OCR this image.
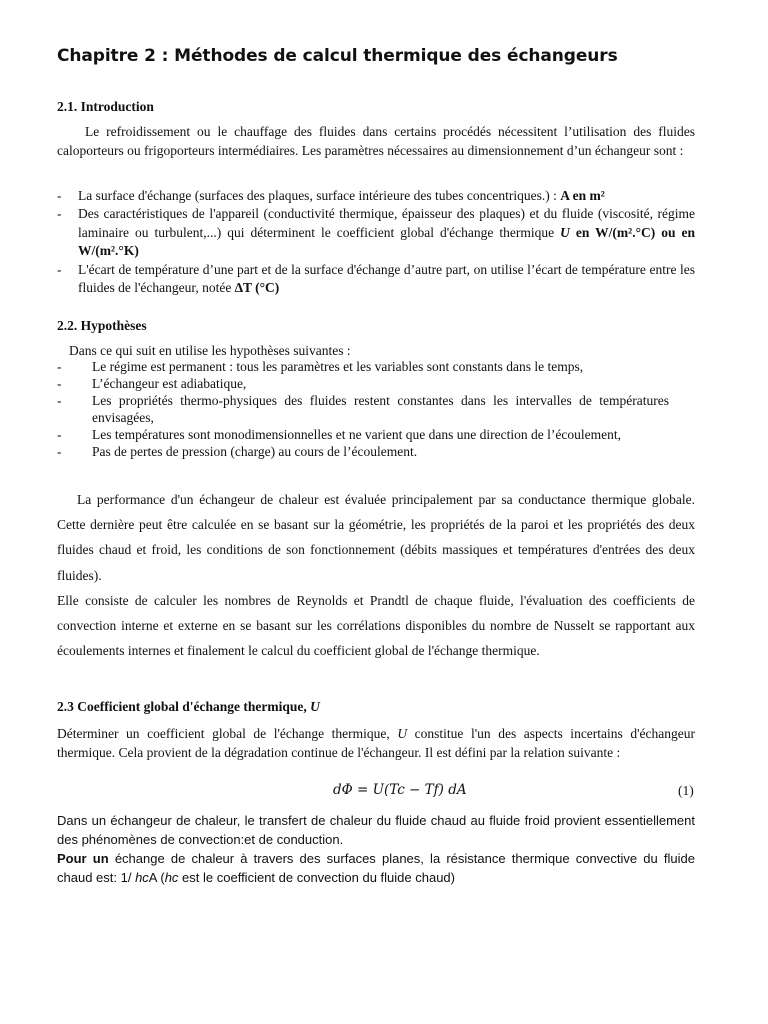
Chapitre 2 : Méthodes de calcul thermique des échangeurs
2.1. Introduction
Le refroidissement ou le chauffage des fluides dans certains procédés nécessitent l’utilisation des fluides caloporteurs ou frigoporteurs intermédiaires. Les paramètres nécessaires au dimensionnement d’un échangeur sont :
- La surface d'échange (surfaces des plaques, surface intérieure des tubes concentriques.) : A en m²
- Des caractéristiques de l'appareil (conductivité thermique, épaisseur des plaques) et du fluide (viscosité, régime laminaire ou turbulent,...) qui déterminent le coefficient global d'échange thermique U en W/(m².°C) ou en W/(m².°K)
- L'écart de température d’une part et de la surface d'échange d’autre part, on utilise l’écart de température entre les fluides de l'échangeur, notée ∆T (°C)
2.2. Hypothèses
Dans ce qui suit en utilise les hypothèses suivantes :
- Le régime est permanent : tous les paramètres et les variables sont constants dans le temps,
- L’échangeur est adiabatique,
- Les propriétés thermo-physiques des fluides restent constantes dans les intervalles de températures envisagées,
- Les températures sont monodimensionnelles et ne varient que dans une direction de l’écoulement,
- Pas de pertes de pression (charge) au cours de l’écoulement.
La performance d'un échangeur de chaleur est évaluée principalement par sa conductance thermique globale. Cette dernière peut être calculée en se basant sur la géométrie, les propriétés de la paroi et les propriétés des deux fluides chaud et froid, les conditions de son fonctionnement (débits massiques et températures d'entrées des deux fluides).
Elle consiste de calculer les nombres de Reynolds et Prandtl de chaque fluide, l'évaluation des coefficients de convection interne et externe en se basant sur les corrélations disponibles du nombre de Nusselt se rapportant aux écoulements internes et finalement le calcul du coefficient global de l'échange thermique.
2.3 Coefficient global d'échange thermique, U
Déterminer un coefficient global de l'échange thermique, U constitue l'un des aspects incertains d'échangeur thermique. Cela provient de la dégradation continue de l'échangeur. Il est défini par la relation suivante :
dΦ = U(Tc − Tf) dA	(1)
Dans un échangeur de chaleur, le transfert de chaleur du fluide chaud au fluide froid provient essentiellement des phénomènes de convection:et de conduction.
Pour un échange de chaleur à travers des surfaces planes, la résistance thermique convective du fluide chaud est: 1/ hcA (hc est le coefficient de convection du fluide chaud)
